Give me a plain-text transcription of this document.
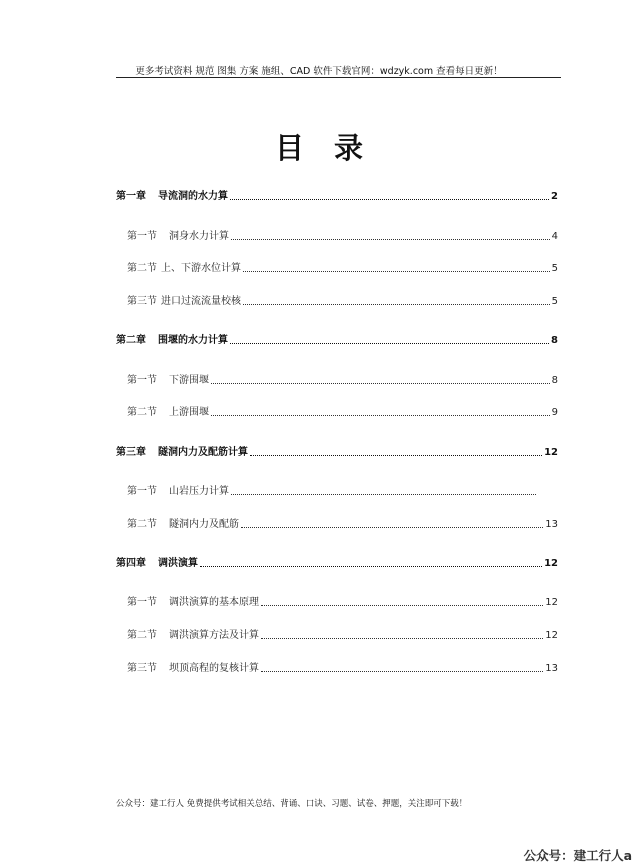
更多考试资料 规范 图集 方案 施组、CAD 软件下载官网：wdzyk.com 查看每日更新！
目录
第一章 导流洞的水力算	2
第一节 洞身水力计算	4
第二节 上、下游水位计算	5
第三节 进口过流流量校核	5
第二章 围堰的水力计算	8
第一节 下游围堰	8
第二节 上游围堰	9
第三章 隧洞内力及配筋计算	12
第一节 山岩压力计算
第二节 隧洞内力及配筋	13
第四章 调洪演算	12
第一节 调洪演算的基本原理	12
第二节 调洪演算方法及计算	12
第三节 坝顶高程的复核计算	13
公众号：建工行人 免费提供考试相关总结、背诵、口诀、习题、试卷、押题，关注即可下载！
公众号：建工行人a
